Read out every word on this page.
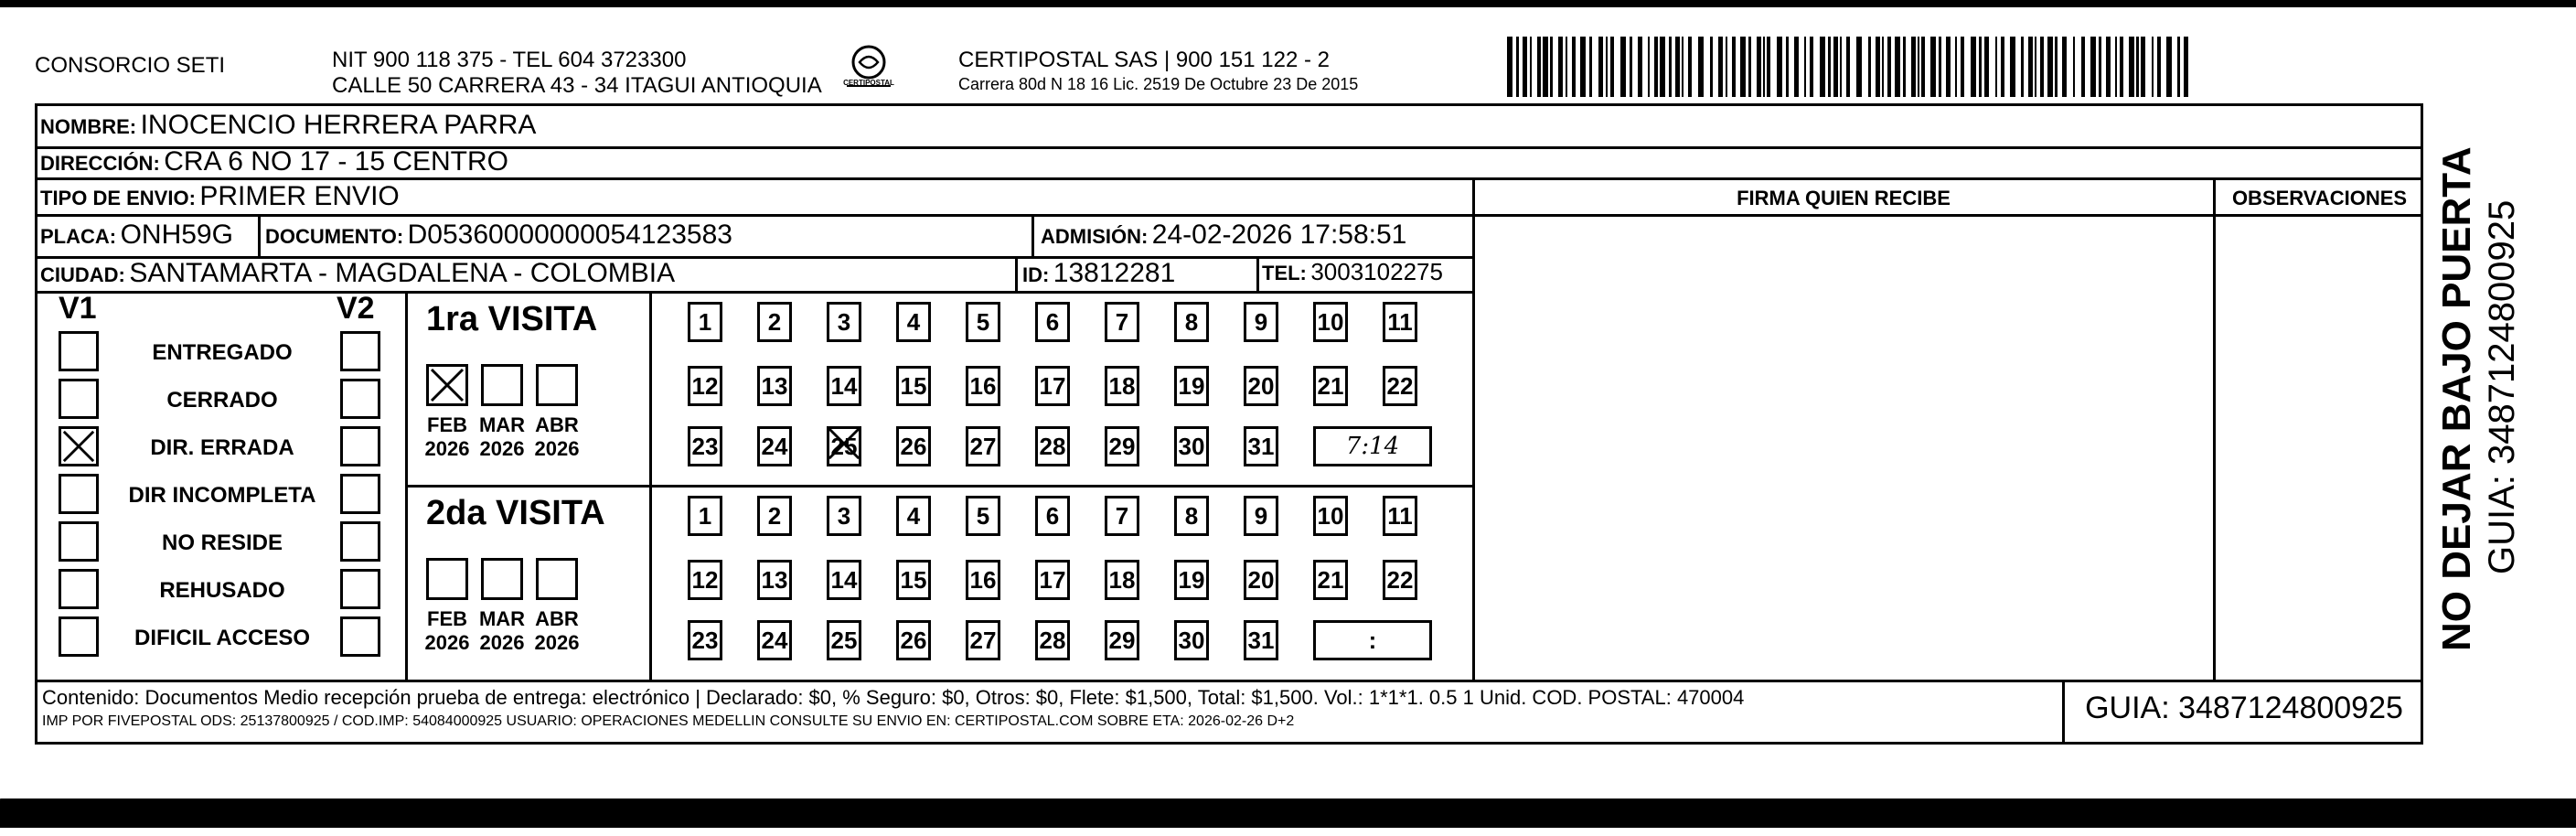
CONSORCIO SETI	NIT 900 118 375 - TEL 604 3723300
CALLE 50 CARRERA 43 - 34 ITAGUI ANTIOQUIA	CERTIPOSTAL
CERTIPOSTAL SAS | 900 151 122 - 2
Carrera 80d N 18 16 Lic. 2519 De Octubre 23 De 2015
NOMBRE: INOCENCIO HERRERA PARRA
DIRECCIÓN: CRA 6 NO 17 - 15 CENTRO
TIPO DE ENVIO: PRIMER ENVIO
PLACA: ONH59G DOCUMENTO: D05360000000054123583	ADMISIÓN: 24-02-2026 17:58:51
CIUDAD: SANTAMARTA - MAGDALENA - COLOMBIA	ID: 13812281	TEL: 3003102275
FIRMA QUIEN RECIBE	OBSERVACIONES
V1	V2
ENTREGADO
CERRADO
DIR. ERRADA
DIR INCOMPLETA
NO RESIDE
REHUSADO
DIFICIL ACCESO
1ra VISITA
2da VISITA
FEB
2026
MAR
2026
ABR
2026
1	2	3	4	5	6	7	8	9	10 11
12 13 14 15 16 17 18 19 20 21 22
23 24 25 26 27 28 29 30 31	7:14
FEB
2026
MAR
2026
ABR
2026
1	2	3	4	5	6	7	8	9	10 11
12 13 14 15 16 17 18 19 20 21 22
23 24 25 26 27 28 29 30 31	:
Contenido: Documentos Medio recepción prueba de entrega: electrónico | Declarado: $0, % Seguro: $0, Otros: $0, Flete: $1,500, Total: $1,500. Vol.: 1*1*1. 0.5 1 Unid. COD. POSTAL: 470004
IMP POR FIVEPOSTAL ODS: 25137800925 / COD.IMP: 54084000925 USUARIO: OPERACIONES MEDELLIN CONSULTE SU ENVIO EN: CERTIPOSTAL.COM SOBRE ETA: 2026-02-26 D+2	GUIA: 3487124800925
NO DEJAR BAJO PUERTA GUIA: 3487124800925
